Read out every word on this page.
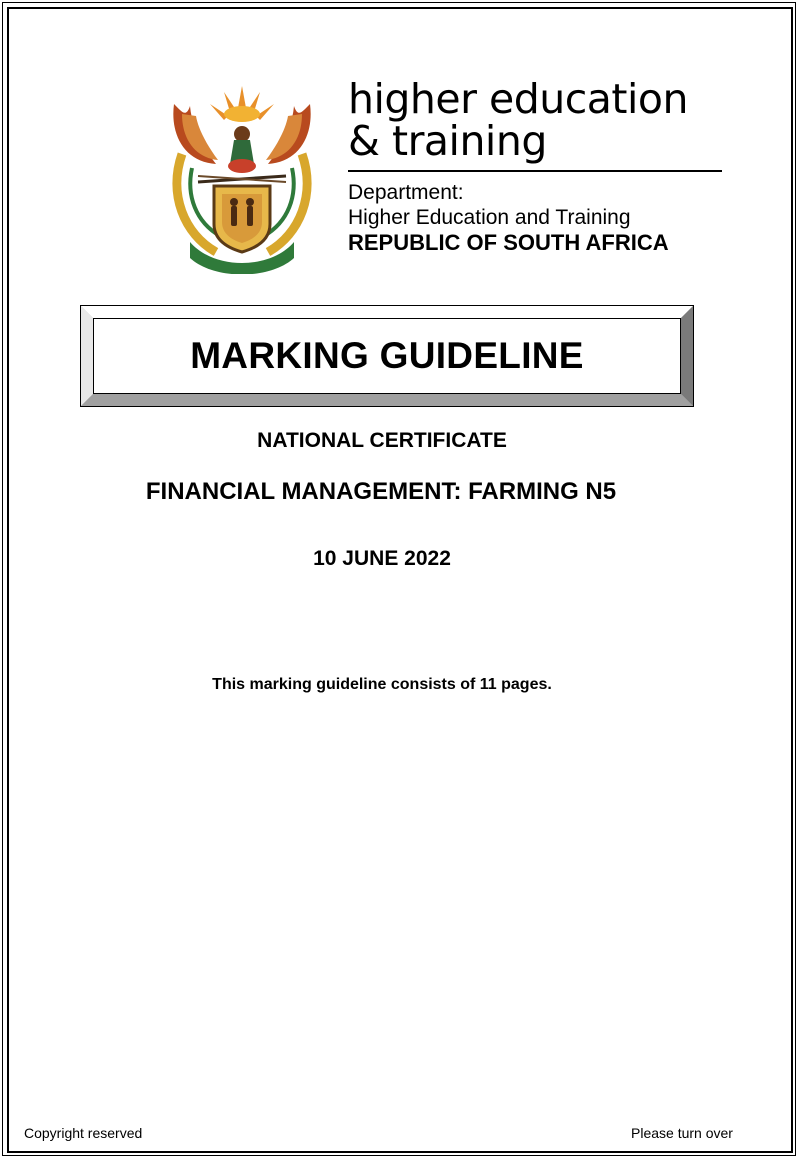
higher education
& training
Department:
Higher Education and Training
REPUBLIC OF SOUTH AFRICA
MARKING GUIDELINE
NATIONAL CERTIFICATE
FINANCIAL MANAGEMENT: FARMING N5
10 JUNE 2022
This marking guideline consists of 11 pages.
Copyright reserved	Please turn over
